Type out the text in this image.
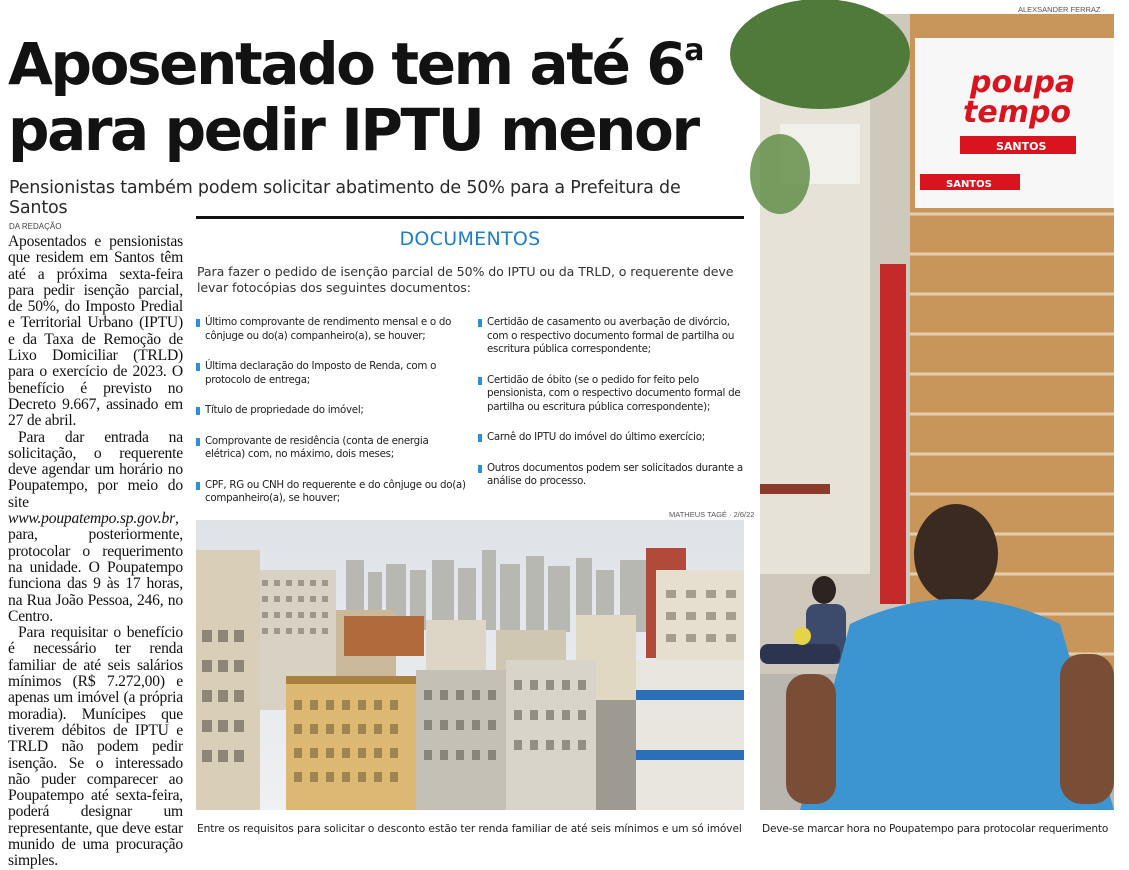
Aposentado tem até 6$^a$
para pedir IPTU menor
Pensionistas também podem solicitar abatimento de 50% para a Prefeitura de Santos
DA REDAÇÃO

Aposentados e pensionistas que residem em Santos têm até a próxima sexta-feira para pedir isenção parcial, de 50%, do Imposto Predial e Territorial Urbano (IPTU) e da Taxa de Remoção de Lixo Domiciliar (TRLD) para o exercício de 2023. O benefício é previsto no Decreto 9.667, assinado em 27 de abril.

Para dar entrada na solicitação, o requerente deve agendar um horário no Poupatempo, por meio do site www.poupatempo.sp.gov.br, para, posteriormente, protocolar o requerimento na unidade. O Poupatempo funciona das 9 às 17 horas, na Rua João Pessoa, 246, no Centro.

Para requisitar o benefício é necessário ter renda familiar de até seis salários mínimos (R$ 7.272,00) e apenas um imóvel (a própria moradia). Munícipes que tiverem débitos de IPTU e TRLD não podem pedir isenção. Se o interessado não puder comparecer ao Poupatempo até sexta-feira, poderá designar um representante, que deve estar munido de uma procuração simples.

DOCUMENTOS
Para fazer o pedido de isenção parcial de 50% do IPTU ou da TRLD, o requerente deve levar fotocópias dos seguintes documentos:
Último comprovante de rendimento mensal e o do cônjuge ou do(a) companheiro(a), se houver;
Última declaração do Imposto de Renda, com o protocolo de entrega;
Título de propriedade do imóvel;
Comprovante de residência (conta de energia elétrica) com, no máximo, dois meses;
CPF, RG ou CNH do requerente e do cônjuge ou do(a) companheiro(a), se houver;
Certidão de casamento ou averbação de divórcio, com o respectivo documento formal de partilha ou escritura pública correspondente;
Certidão de óbito (se o pedido for feito pelo pensionista, com o respectivo documento formal de partilha ou escritura pública correspondente);
Carnê do IPTU do imóvel do último exercício;
Outros documentos podem ser solicitados durante a análise do processo.
MATHEUS TAGÉ · 2/6/22
ALEXSANDER FERRAZ ·
poupa
tempo
SANTOS
SANTOS
Entre os requisitos para solicitar o desconto estão ter renda familiar de até seis mínimos e um só imóvel Deve-se marcar hora no Poupatempo para protocolar requerimento
